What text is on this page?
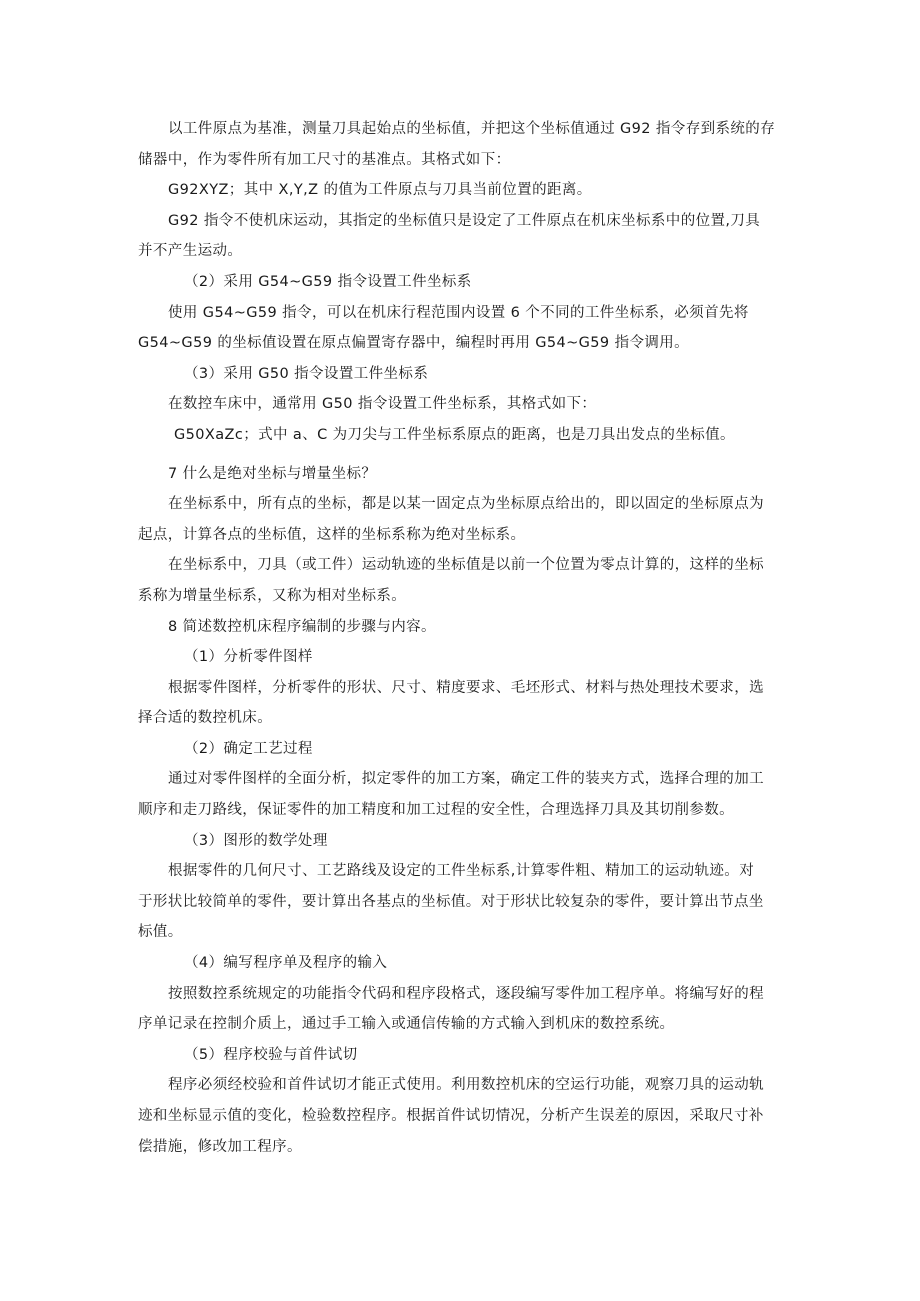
以工件原点为基准，测量刀具起始点的坐标值，并把这个坐标值通过 G92 指令存到系统的存

储器中，作为零件所有加工尺寸的基准点。其格式如下：

G92XYZ；其中 X,Y,Z 的值为工件原点与刀具当前位置的距离。

G92 指令不使机床运动，其指定的坐标值只是设定了工件原点在机床坐标系中的位置,刀具

并不产生运动。

（2）采用 G54~G59 指令设置工件坐标系

使用 G54~G59 指令，可以在机床行程范围内设置 6 个不同的工件坐标系，必须首先将

G54~G59 的坐标值设置在原点偏置寄存器中，编程时再用 G54~G59 指令调用。

（3）采用 G50 指令设置工件坐标系

在数控车床中，通常用 G50 指令设置工件坐标系，其格式如下：

G50XaZc；式中 a、C 为刀尖与工件坐标系原点的距离，也是刀具出发点的坐标值。

7 什么是绝对坐标与增量坐标？

在坐标系中，所有点的坐标，都是以某一固定点为坐标原点给出的，即以固定的坐标原点为

起点，计算各点的坐标值，这样的坐标系称为绝对坐标系。

在坐标系中，刀具（或工件）运动轨迹的坐标值是以前一个位置为零点计算的，这样的坐标

系称为增量坐标系，又称为相对坐标系。

8 简述数控机床程序编制的步骤与内容。

（1）分析零件图样

根据零件图样，分析零件的形状、尺寸、精度要求、毛坯形式、材料与热处理技术要求，选

择合适的数控机床。

（2）确定工艺过程

通过对零件图样的全面分析，拟定零件的加工方案，确定工件的装夹方式，选择合理的加工

顺序和走刀路线，保证零件的加工精度和加工过程的安全性，合理选择刀具及其切削参数。

（3）图形的数学处理

根据零件的几何尺寸、工艺路线及设定的工件坐标系,计算零件粗、精加工的运动轨迹。对

于形状比较简单的零件，要计算出各基点的坐标值。对于形状比较复杂的零件，要计算出节点坐

标值。

（4）编写程序单及程序的输入

按照数控系统规定的功能指令代码和程序段格式，逐段编写零件加工程序单。将编写好的程

序单记录在控制介质上，通过手工输入或通信传输的方式输入到机床的数控系统。

（5）程序校验与首件试切

程序必须经校验和首件试切才能正式使用。利用数控机床的空运行功能，观察刀具的运动轨

迹和坐标显示值的变化，检验数控程序。根据首件试切情况，分析产生误差的原因，采取尺寸补

偿措施，修改加工程序。
